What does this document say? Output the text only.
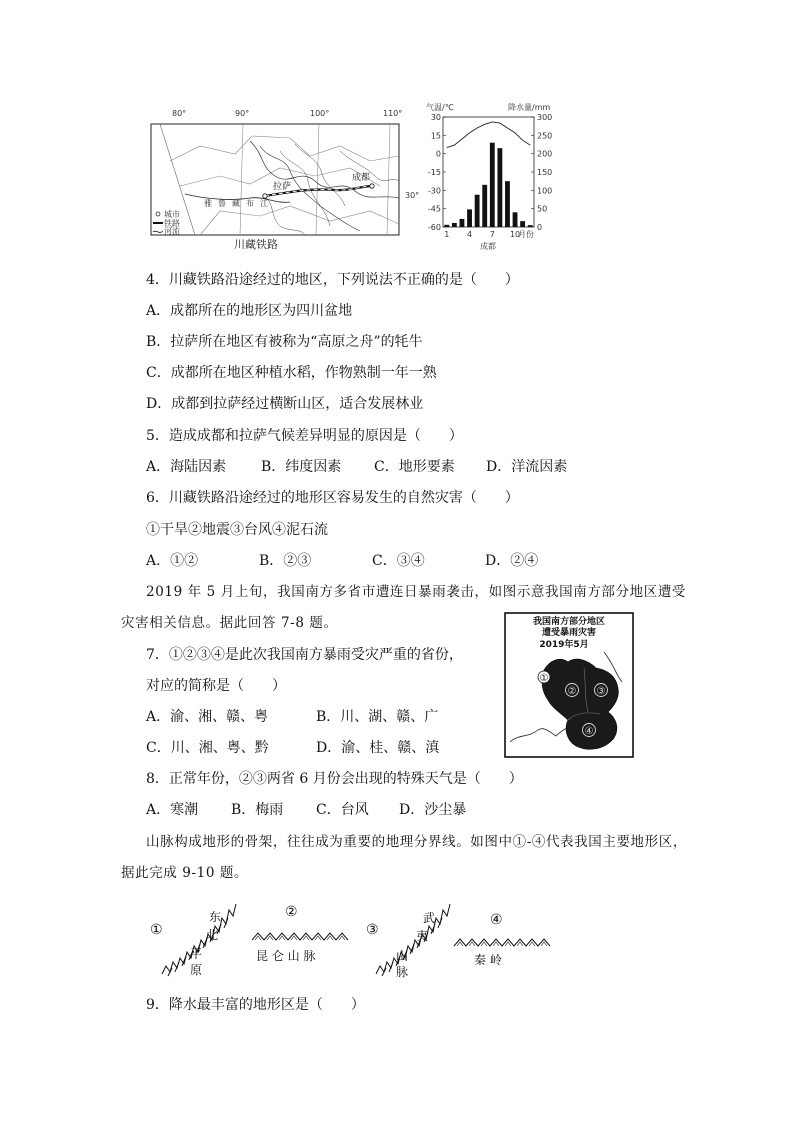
80°	90°	100°	110°
拉萨
成都
30°
雅鲁藏布江
城市
铁路
河流
川藏铁路
气温/℃	降水量/mm
30
15
0
-15
-30
-45
-60
300
250
200
150
100
50
0
1 4 7 10
月份
成都
4．川藏铁路沿途经过的地区，下列说法不正确的是（　　）
A．成都所在的地形区为四川盆地
B．拉萨所在地区有被称为“高原之舟”的牦牛
C．成都所在地区种植水稻，作物熟制一年一熟
D．成都到拉萨经过横断山区，适合发展林业
5．造成成都和拉萨气候差异明显的原因是（　　）
A．海陆因素 B．纬度因素 C．地形要素 D．洋流因素
6．川藏铁路沿途经过的地形区容易发生的自然灾害（　　）
①干旱②地震③台风④泥石流
A．①②	B．②③	C．③④	D．②④
2019 年 5 月上旬，我国南方多省市遭连日暴雨袭击，如图示意我国南方部分地区遭受
灾害相关信息。据此回答 7-8 题。	我国南方部分地区
遭受暴雨灾害
2019年5月
①
② ③
④
7．①②③④是此次我国南方暴雨受灾严重的省份，
对应的简称是（　　）
A．渝、湘、赣、粤	B．川、湖、赣、广
C．川、湘、粤、黔	D．渝、桂、赣、滇
8．正常年份，②③两省 6 月份会出现的特殊天气是（　　）
A．寒潮 B．梅雨 C．台风 D．沙尘暴
山脉构成地形的骨架，往往成为重要的地理分界线。如图中①-④代表我国主要地形区，
据此完成 9-10 题。
①
东
北
平
原
②
昆 仑 山 脉
③
武
夷
山
脉
④
秦 岭
9．降水最丰富的地形区是（　　）
